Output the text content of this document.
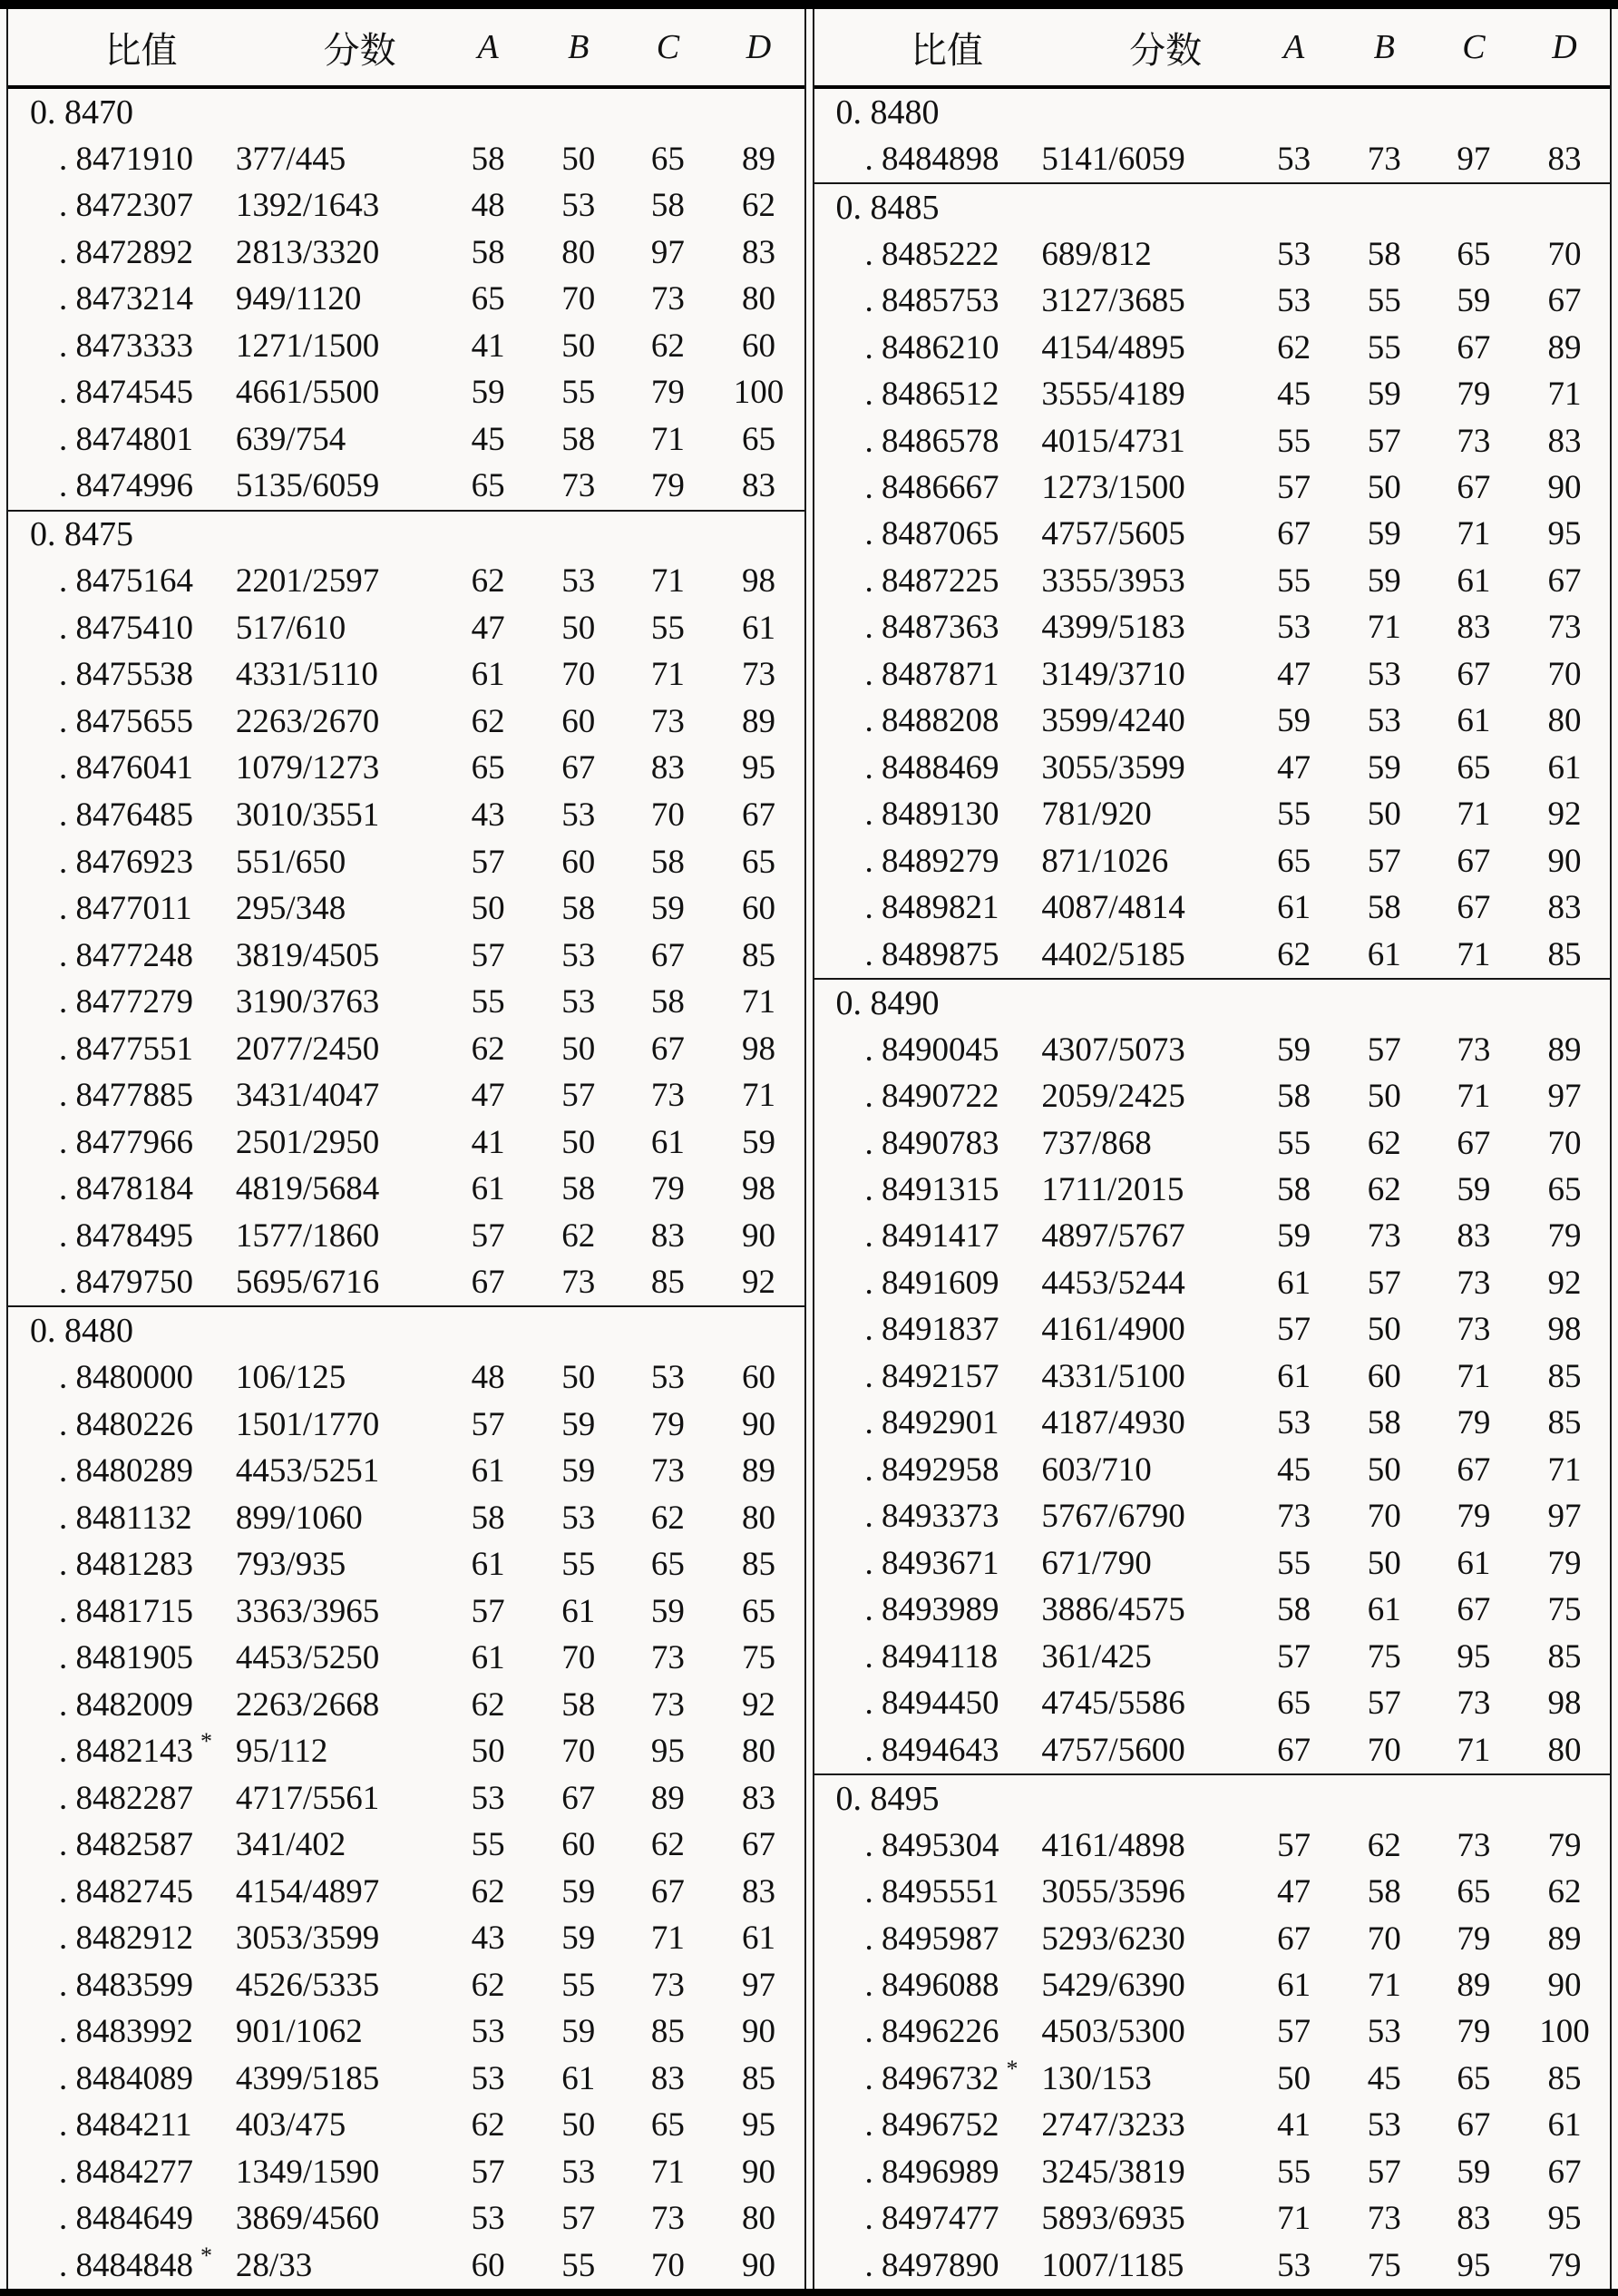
比值	分数	A	B	C	D
0. 8470
. 8471910	377/445	58	50	65	89
. 8472307	1392/1643	48	53	58	62
. 8472892	2813/3320	58	80	97	83
. 8473214	949/1120	65	70	73	80
. 8473333	1271/1500	41	50	62	60
. 8474545	4661/5500	59	55	79	100
. 8474801	639/754	45	58	71	65
. 8474996	5135/6059	65	73	79	83
0. 8475
. 8475164	2201/2597	62	53	71	98
. 8475410	517/610	47	50	55	61
. 8475538	4331/5110	61	70	71	73
. 8475655	2263/2670	62	60	73	89
. 8476041	1079/1273	65	67	83	95
. 8476485	3010/3551	43	53	70	67
. 8476923	551/650	57	60	58	65
. 8477011	295/348	50	58	59	60
. 8477248	3819/4505	57	53	67	85
. 8477279	3190/3763	55	53	58	71
. 8477551	2077/2450	62	50	67	98
. 8477885	3431/4047	47	57	73	71
. 8477966	2501/2950	41	50	61	59
. 8478184	4819/5684	61	58	79	98
. 8478495	1577/1860	57	62	83	90
. 8479750	5695/6716	67	73	85	92
0. 8480
. 8480000	106/125	48	50	53	60
. 8480226	1501/1770	57	59	79	90
. 8480289	4453/5251	61	59	73	89
. 8481132	899/1060	58	53	62	80
. 8481283	793/935	61	55	65	85
. 8481715	3363/3965	57	61	59	65
. 8481905	4453/5250	61	70	73	75
. 8482009	2263/2668	62	58	73	92
. 8482143 * 95/112	50	70	95	80
. 8482287	4717/5561	53	67	89	83
. 8482587	341/402	55	60	62	67
. 8482745	4154/4897	62	59	67	83
. 8482912	3053/3599	43	59	71	61
. 8483599	4526/5335	62	55	73	97
. 8483992	901/1062	53	59	85	90
. 8484089	4399/5185	53	61	83	85
. 8484211	403/475	62	50	65	95
. 8484277	1349/1590	57	53	71	90
. 8484649	3869/4560	53	57	73	80
. 8484848 * 28/33	60	55	70	90
比值	分数	A	B	C	D
0. 8480
. 8484898	5141/6059	53	73	97	83
0. 8485
. 8485222	689/812	53	58	65	70
. 8485753	3127/3685	53	55	59	67
. 8486210	4154/4895	62	55	67	89
. 8486512	3555/4189	45	59	79	71
. 8486578	4015/4731	55	57	73	83
. 8486667	1273/1500	57	50	67	90
. 8487065	4757/5605	67	59	71	95
. 8487225	3355/3953	55	59	61	67
. 8487363	4399/5183	53	71	83	73
. 8487871	3149/3710	47	53	67	70
. 8488208	3599/4240	59	53	61	80
. 8488469	3055/3599	47	59	65	61
. 8489130	781/920	55	50	71	92
. 8489279	871/1026	65	57	67	90
. 8489821	4087/4814	61	58	67	83
. 8489875	4402/5185	62	61	71	85
0. 8490
. 8490045	4307/5073	59	57	73	89
. 8490722	2059/2425	58	50	71	97
. 8490783	737/868	55	62	67	70
. 8491315	1711/2015	58	62	59	65
. 8491417	4897/5767	59	73	83	79
. 8491609	4453/5244	61	57	73	92
. 8491837	4161/4900	57	50	73	98
. 8492157	4331/5100	61	60	71	85
. 8492901	4187/4930	53	58	79	85
. 8492958	603/710	45	50	67	71
. 8493373	5767/6790	73	70	79	97
. 8493671	671/790	55	50	61	79
. 8493989	3886/4575	58	61	67	75
. 8494118	361/425	57	75	95	85
. 8494450	4745/5586	65	57	73	98
. 8494643	4757/5600	67	70	71	80
0. 8495
. 8495304	4161/4898	57	62	73	79
. 8495551	3055/3596	47	58	65	62
. 8495987	5293/6230	67	70	79	89
. 8496088	5429/6390	61	71	89	90
. 8496226	4503/5300	57	53	79	100
. 8496732 * 130/153	50	45	65	85
. 8496752	2747/3233	41	53	67	61
. 8496989	3245/3819	55	57	59	67
. 8497477	5893/6935	71	73	83	95
. 8497890	1007/1185	53	75	95	79
